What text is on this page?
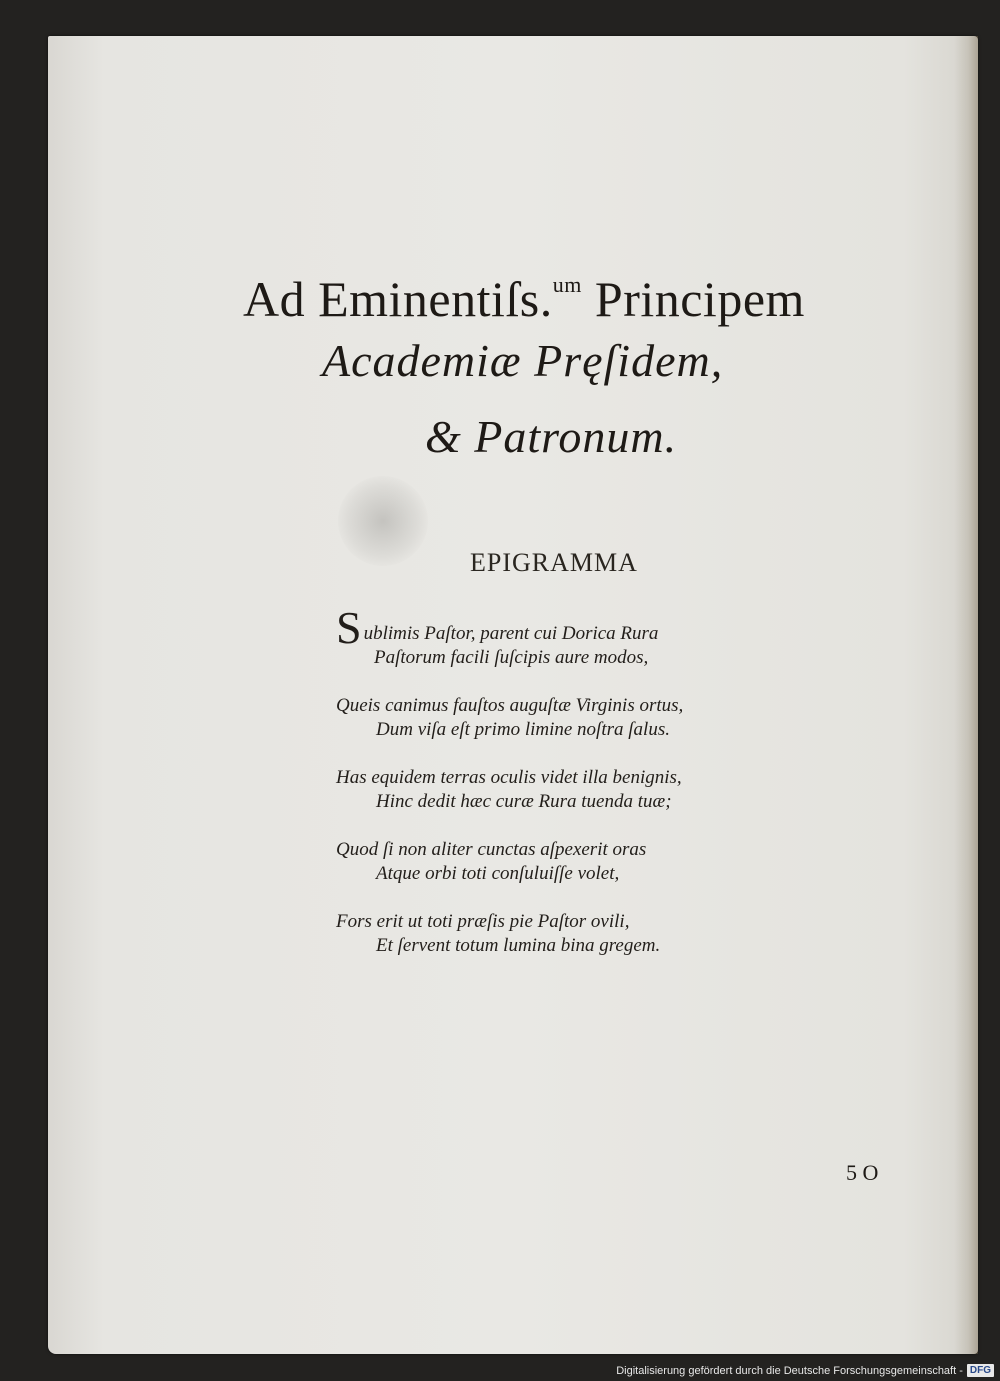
Ad Eminentiſs.$^{um}$ Principem
Academiæ Pręſidem,
& Patronum.
EPIGRAMMA
S ublimis Paſtor, parent cui Dorica Rura
Paſtorum facili ſuſcipis aure modos,
Queis canimus fauſtos auguſtæ Virginis ortus,
Dum viſa eſt primo limine noſtra ſalus.
Has equidem terras oculis videt illa benignis,
Hinc dedit hæc curæ Rura tuenda tuæ;
Quod ſi non aliter cunctas aſpexerit oras
Atque orbi toti conſuluiſſe volet,
Fors erit ut toti præſis pie Paſtor ovili,
Et ſervent totum lumina bina gregem.
5 O
Digitalisierung gefördert durch die Deutsche Forschungsgemeinschaft - DFG
